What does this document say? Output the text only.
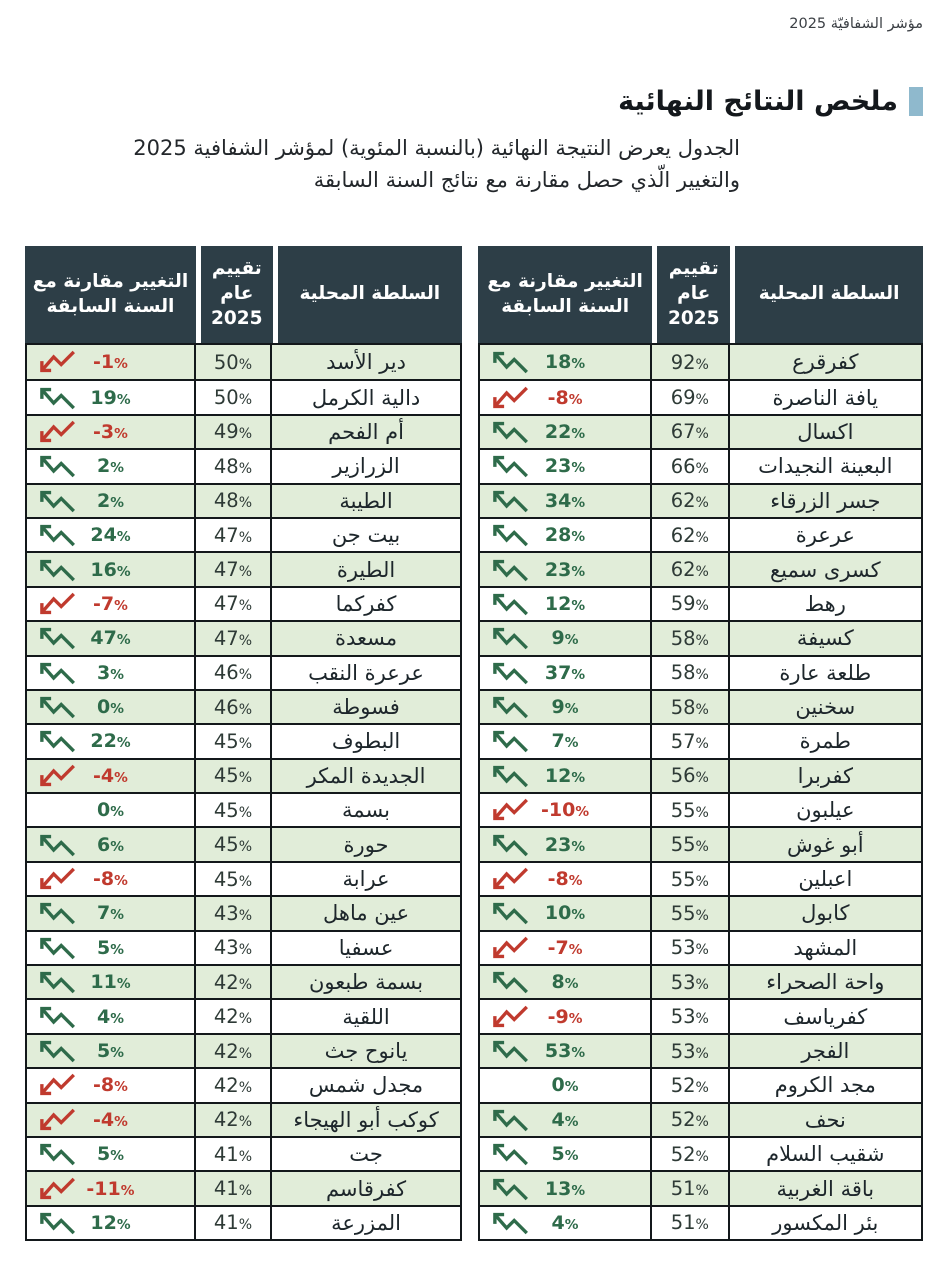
مؤشر الشفافيّة 2025
ملخص النتائج النهائية
الجدول يعرض النتيجة النهائية (بالنسبة المئوية) لمؤشر الشفافية 2025
والتغيير الّذي حصل مقارنة مع نتائج السنة السابقة
السلطة المحلية
تقييم عام 2025
التغيير مقارنة مع السنة السابقة
كفرقرع
92%
18%
يافة الناصرة
69%
-8%
اكسال
67%
22%
البعينة النجيدات
66%
23%
جسر الزرقاء
62%
34%
عرعرة
62%
28%
كسرى سميع
62%
23%
رهط
59%
12%
كسيفة
58%
9%
طلعة عارة
58%
37%
سخنين
58%
9%
طمرة
57%
7%
كفربرا
56%
12%
عيلبون
55%
-10%
أبو غوش
55%
23%
اعبلين
55%
-8%
كابول
55%
10%
المشهد
53%
-7%
واحة الصحراء
53%
8%
كفرياسف
53%
-9%
الفجر
53%
53%
مجد الكروم
52%
0%
نحف
52%
4%
شقيب السلام
52%
5%
باقة الغربية
51%
13%
بئر المكسور
51%
4%
السلطة المحلية
تقييم عام 2025
التغيير مقارنة مع السنة السابقة
دير الأسد
50%
-1%
دالية الكرمل
50%
19%
أم الفحم
49%
-3%
الزرازير
48%
2%
الطيبة
48%
2%
بيت جن
47%
24%
الطيرة
47%
16%
كفركما
47%
-7%
مسعدة
47%
47%
عرعرة النقب
46%
3%
فسوطة
46%
0%
البطوف
45%
22%
الجديدة المكر
45%
-4%
بسمة
45%
0%
حورة
45%
6%
عرابة
45%
-8%
عين ماهل
43%
7%
عسفيا
43%
5%
بسمة طبعون
42%
11%
اللقية
42%
4%
يانوح جث
42%
5%
مجدل شمس
42%
-8%
كوكب أبو الهيجاء
42%
-4%
جت
41%
5%
كفرقاسم
41%
-11%
المزرعة
41%
12%
